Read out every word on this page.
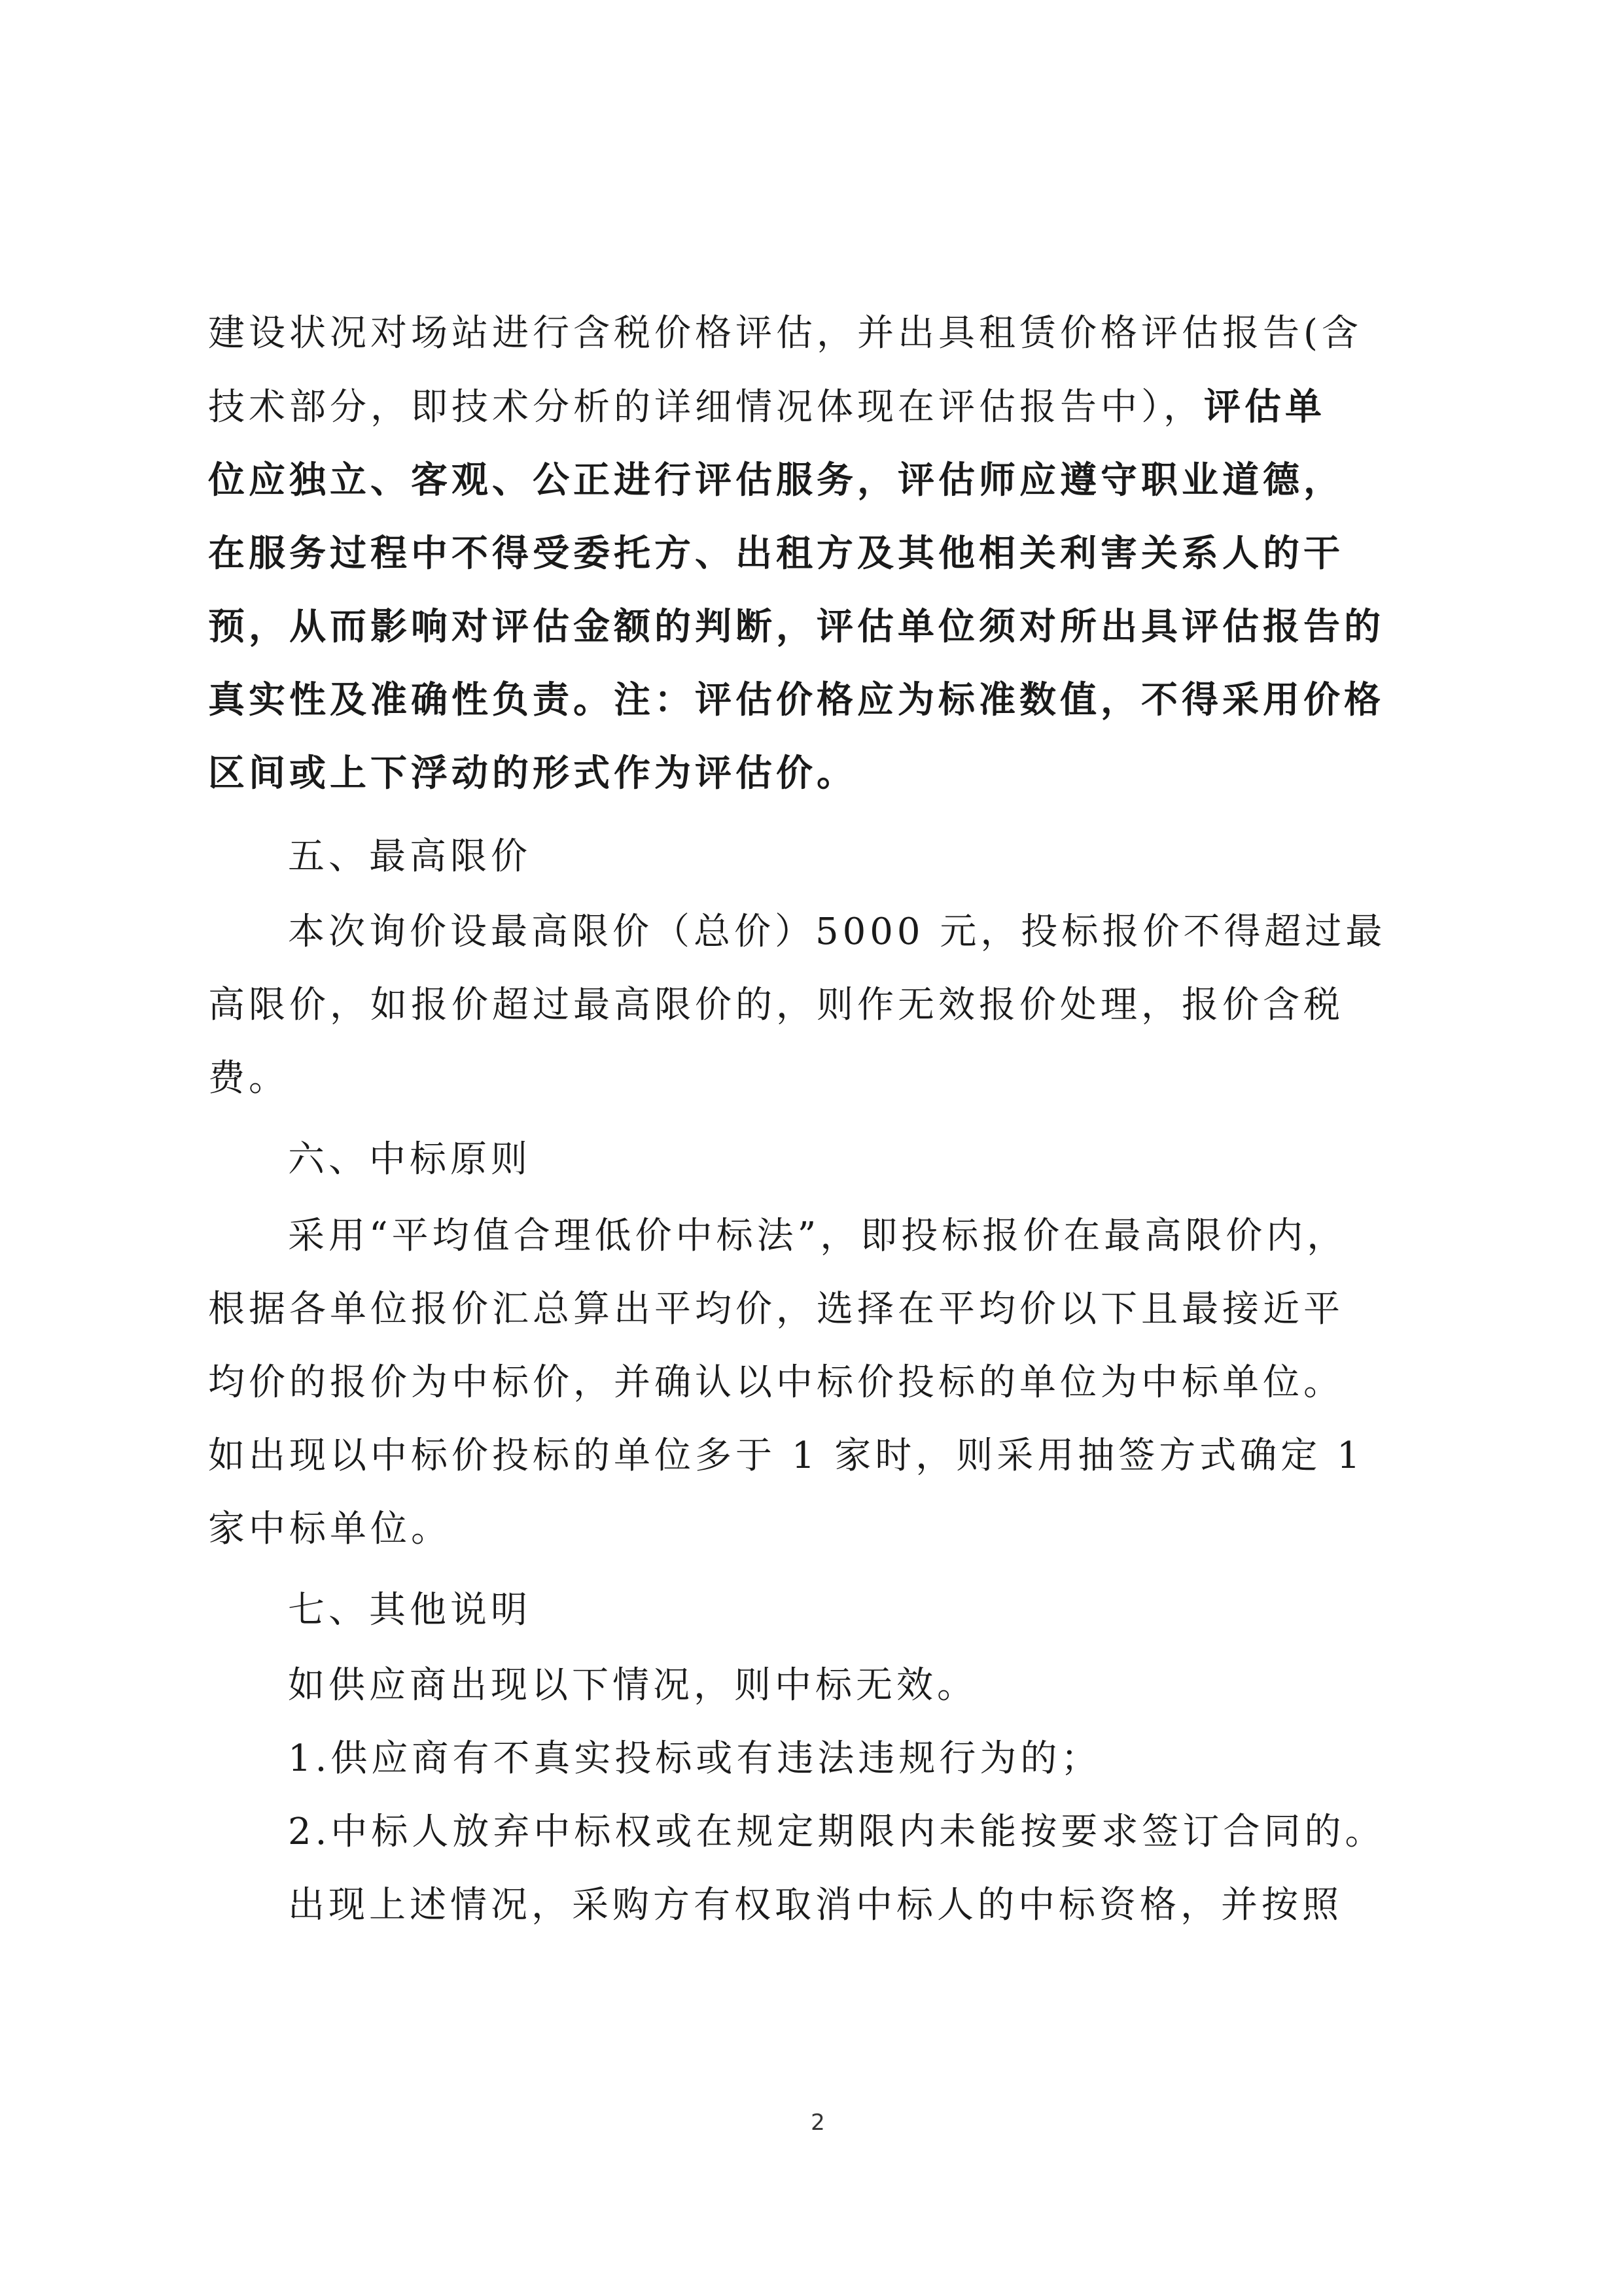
建设状况对场站进行含税价格评估，并出具租赁价格评估报告(含
技术部分，即技术分析的详细情况体现在评估报告中），评估单
位应独立、客观、公正进行评估服务，评估师应遵守职业道德，
在服务过程中不得受委托方、出租方及其他相关利害关系人的干
预，从而影响对评估金额的判断，评估单位须对所出具评估报告的
真实性及准确性负责。注：评估价格应为标准数值，不得采用价格
区间或上下浮动的形式作为评估价。
五、最高限价
本次询价设最高限价（总价）5000 元，投标报价不得超过最
高限价，如报价超过最高限价的，则作无效报价处理，报价含税
费。
六、中标原则
采用“平均值合理低价中标法”，即投标报价在最高限价内，
根据各单位报价汇总算出平均价，选择在平均价以下且最接近平
均价的报价为中标价，并确认以中标价投标的单位为中标单位。
如出现以中标价投标的单位多于 1 家时，则采用抽签方式确定 1
家中标单位。
七、其他说明
如供应商出现以下情况，则中标无效。
1.供应商有不真实投标或有违法违规行为的；
2.中标人放弃中标权或在规定期限内未能按要求签订合同的。
出现上述情况，采购方有权取消中标人的中标资格，并按照
2
